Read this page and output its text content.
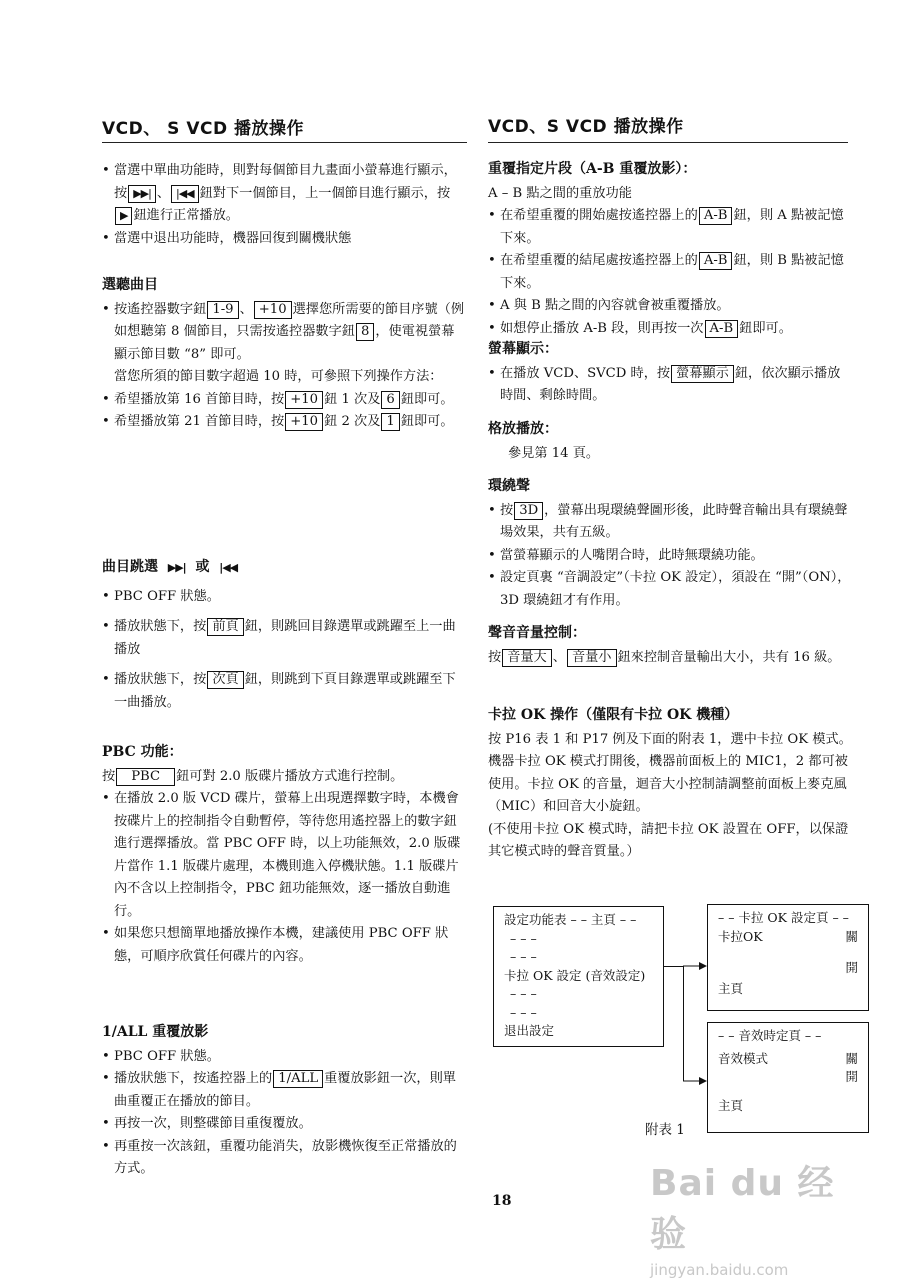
VCD、 S VCD 播放操作
• 當選中單曲功能時，則對每個節目九畫面小螢幕進行顯示，按 ▶▶| 、 |◀◀ 鈕對下一個節目，上一個節目進行顯示，按▶ 鈕進行正常播放。
• 當選中退出功能時，機器回復到關機狀態
選聽曲目
• 按遙控器數字鈕 1-9 、 +10 選擇您所需要的節目序號（例如想聽第 8 個節目，只需按遙控器數字鈕 8 ，使電視螢幕顯示節目數 “8” 即可。
當您所須的節目數字超過 10 時，可參照下列操作方法：
• 希望播放第 16 首節目時，按 +10 鈕 1 次及 6 鈕即可。
• 希望播放第 21 首節目時，按 +10 鈕 2 次及 1 鈕即可。
曲目跳選 ▶▶| 或 |◀◀
• PBC OFF 狀態。
• 播放狀態下，按 前頁 鈕，則跳回目錄選單或跳躍至上一曲播放
• 播放狀態下，按 次頁 鈕，則跳到下頁目錄選單或跳躍至下一曲播放。
PBC 功能：
按 PBC 鈕可對 2.0 版碟片播放方式進行控制。
• 在播放 2.0 版 VCD 碟片，螢幕上出現選擇數字時，本機會按碟片上的控制指令自動暫停，等待您用遙控器上的數字鈕進行選擇播放。當 PBC OFF 時，以上功能無效，2.0 版碟片當作 1.1 版碟片處理，本機則進入停機狀態。1.1 版碟片內不含以上控制指令，PBC 鈕功能無效，逐一播放自動進行。
• 如果您只想簡單地播放操作本機，建議使用 PBC OFF 狀態，可順序欣賞任何碟片的內容。
1/ALL 重覆放影
• PBC OFF 狀態。
• 播放狀態下，按遙控器上的 1/ALL 重覆放影鈕一次，則單曲重覆正在播放的節目。
• 再按一次，則整碟節目重復覆放。
• 再重按一次該鈕，重覆功能消失，放影機恢復至正常播放的方式。
VCD、S VCD 播放操作
重覆指定片段（A-B 重覆放影）：
A – B 點之間的重放功能
• 在希望重覆的開始處按遙控器上的 A-B 鈕，則 A 點被記憶下來。
• 在希望重覆的結尾處按遙控器上的 A-B 鈕，則 B 點被記憶下來。
• A 與 B 點之間的內容就會被重覆播放。
• 如想停止播放 A-B 段，則再按一次 A-B 鈕即可。
螢幕顯示：
• 在播放 VCD、SVCD 時，按 螢幕顯示 鈕，依次顯示播放時間、剩餘時間。
格放播放：
參見第 14 頁。
環繞聲
• 按 3D ，螢幕出現環繞聲圖形後，此時聲音輸出具有環繞聲場效果，共有五級。
• 當螢幕顯示的人嘴閉合時，此時無環繞功能。
• 設定頁裏 “音調設定”（卡拉 OK 設定），須設在 “開”（ON），3D 環繞鈕才有作用。
聲音音量控制：
按 音量大 、 音量小 鈕來控制音量輸出大小，共有 16 級。
卡拉 OK 操作（僅限有卡拉 OK 機種）
按 P16 表 1 和 P17 例及下面的附表 1，選中卡拉 OK 模式。機器卡拉 OK 模式打開後，機器前面板上的 MIC1，2 都可被使用。卡拉 OK 的音量，迴音大小控制請調整前面板上麥克風（MIC）和回音大小旋鈕。
(不使用卡拉 OK 模式時，請把卡拉 OK 設置在 OFF，以保證其它模式時的聲音質量。）
設定功能表 – – 主頁 – –
– – –
– – –
卡拉 OK 設定 (音效設定)
– – –
– – –
退出設定
– – 卡拉 OK 設定頁 – –
卡拉OK	關
開
主頁
– – 音效時定頁 – –
音效模式	關
開
主頁
附表 1
18	Bai du 经验
jingyan.baidu.com
